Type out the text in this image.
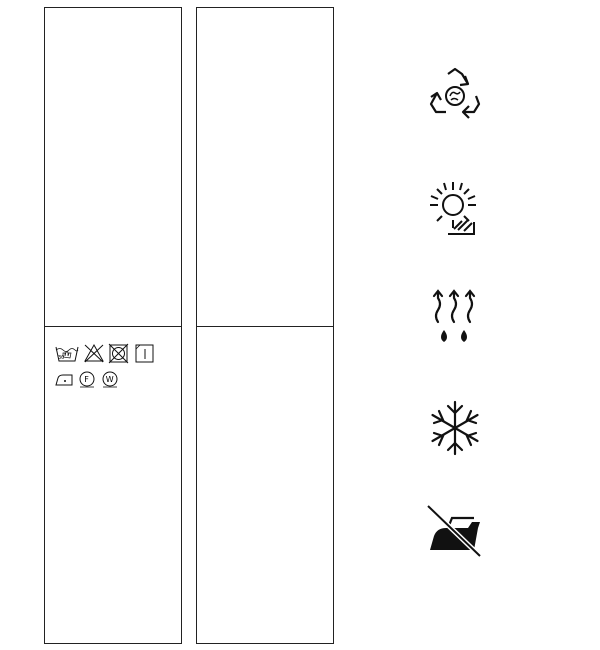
30
F W
